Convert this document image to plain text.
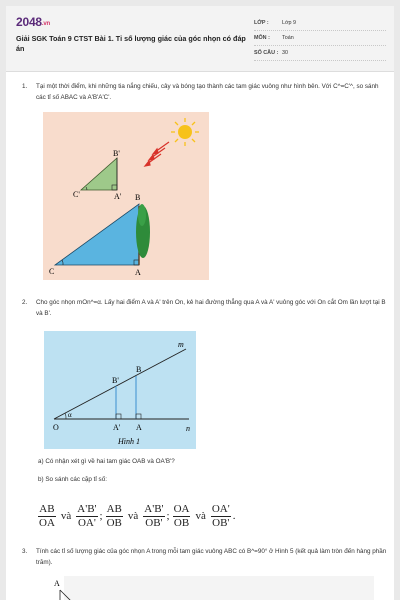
2048.vn
Giải SGK Toán 9 CTST Bài 1. Tỉ số lượng giác của góc nhọn có đáp án
LỚP : Lớp 9
MÔN : Toán
SỐ CÂU : 30
1. Tại một thời điểm, khi những tia nắng chiếu, cây và bóng tạo thành các tam giác vuông như hình bên. Với C^=C'^, so sánh các tỉ số ABAC và A'B'A'C'.
B'
C'	A' B
C	A
2. Cho góc nhọn mOn^=α. Lấy hai điểm A và A' trên On, kẻ hai đường thẳng qua A và A' vuông góc với On cắt Om lần lượt tại B và B'.
m
n
O
α
B'
B
A' A
Hình 1
a) Có nhận xét gì về hai tam giác OAB và OA'B'?
b) So sánh các cặp tỉ số:
$\frac{AB}{OA}$ và $\frac{A'B'}{OA'}$ ; $\frac{AB}{OB}$ và $\frac{A'B'}{OB'}$ ; $\frac{OA}{OB}$ và $\frac{OA'}{OB'}$ .
3. Tính các tỉ số lượng giác của góc nhọn A trong mỗi tam giác vuông ABC có B^=90° ở Hình 5 (kết quả làm tròn đến hàng phần trăm).
A
